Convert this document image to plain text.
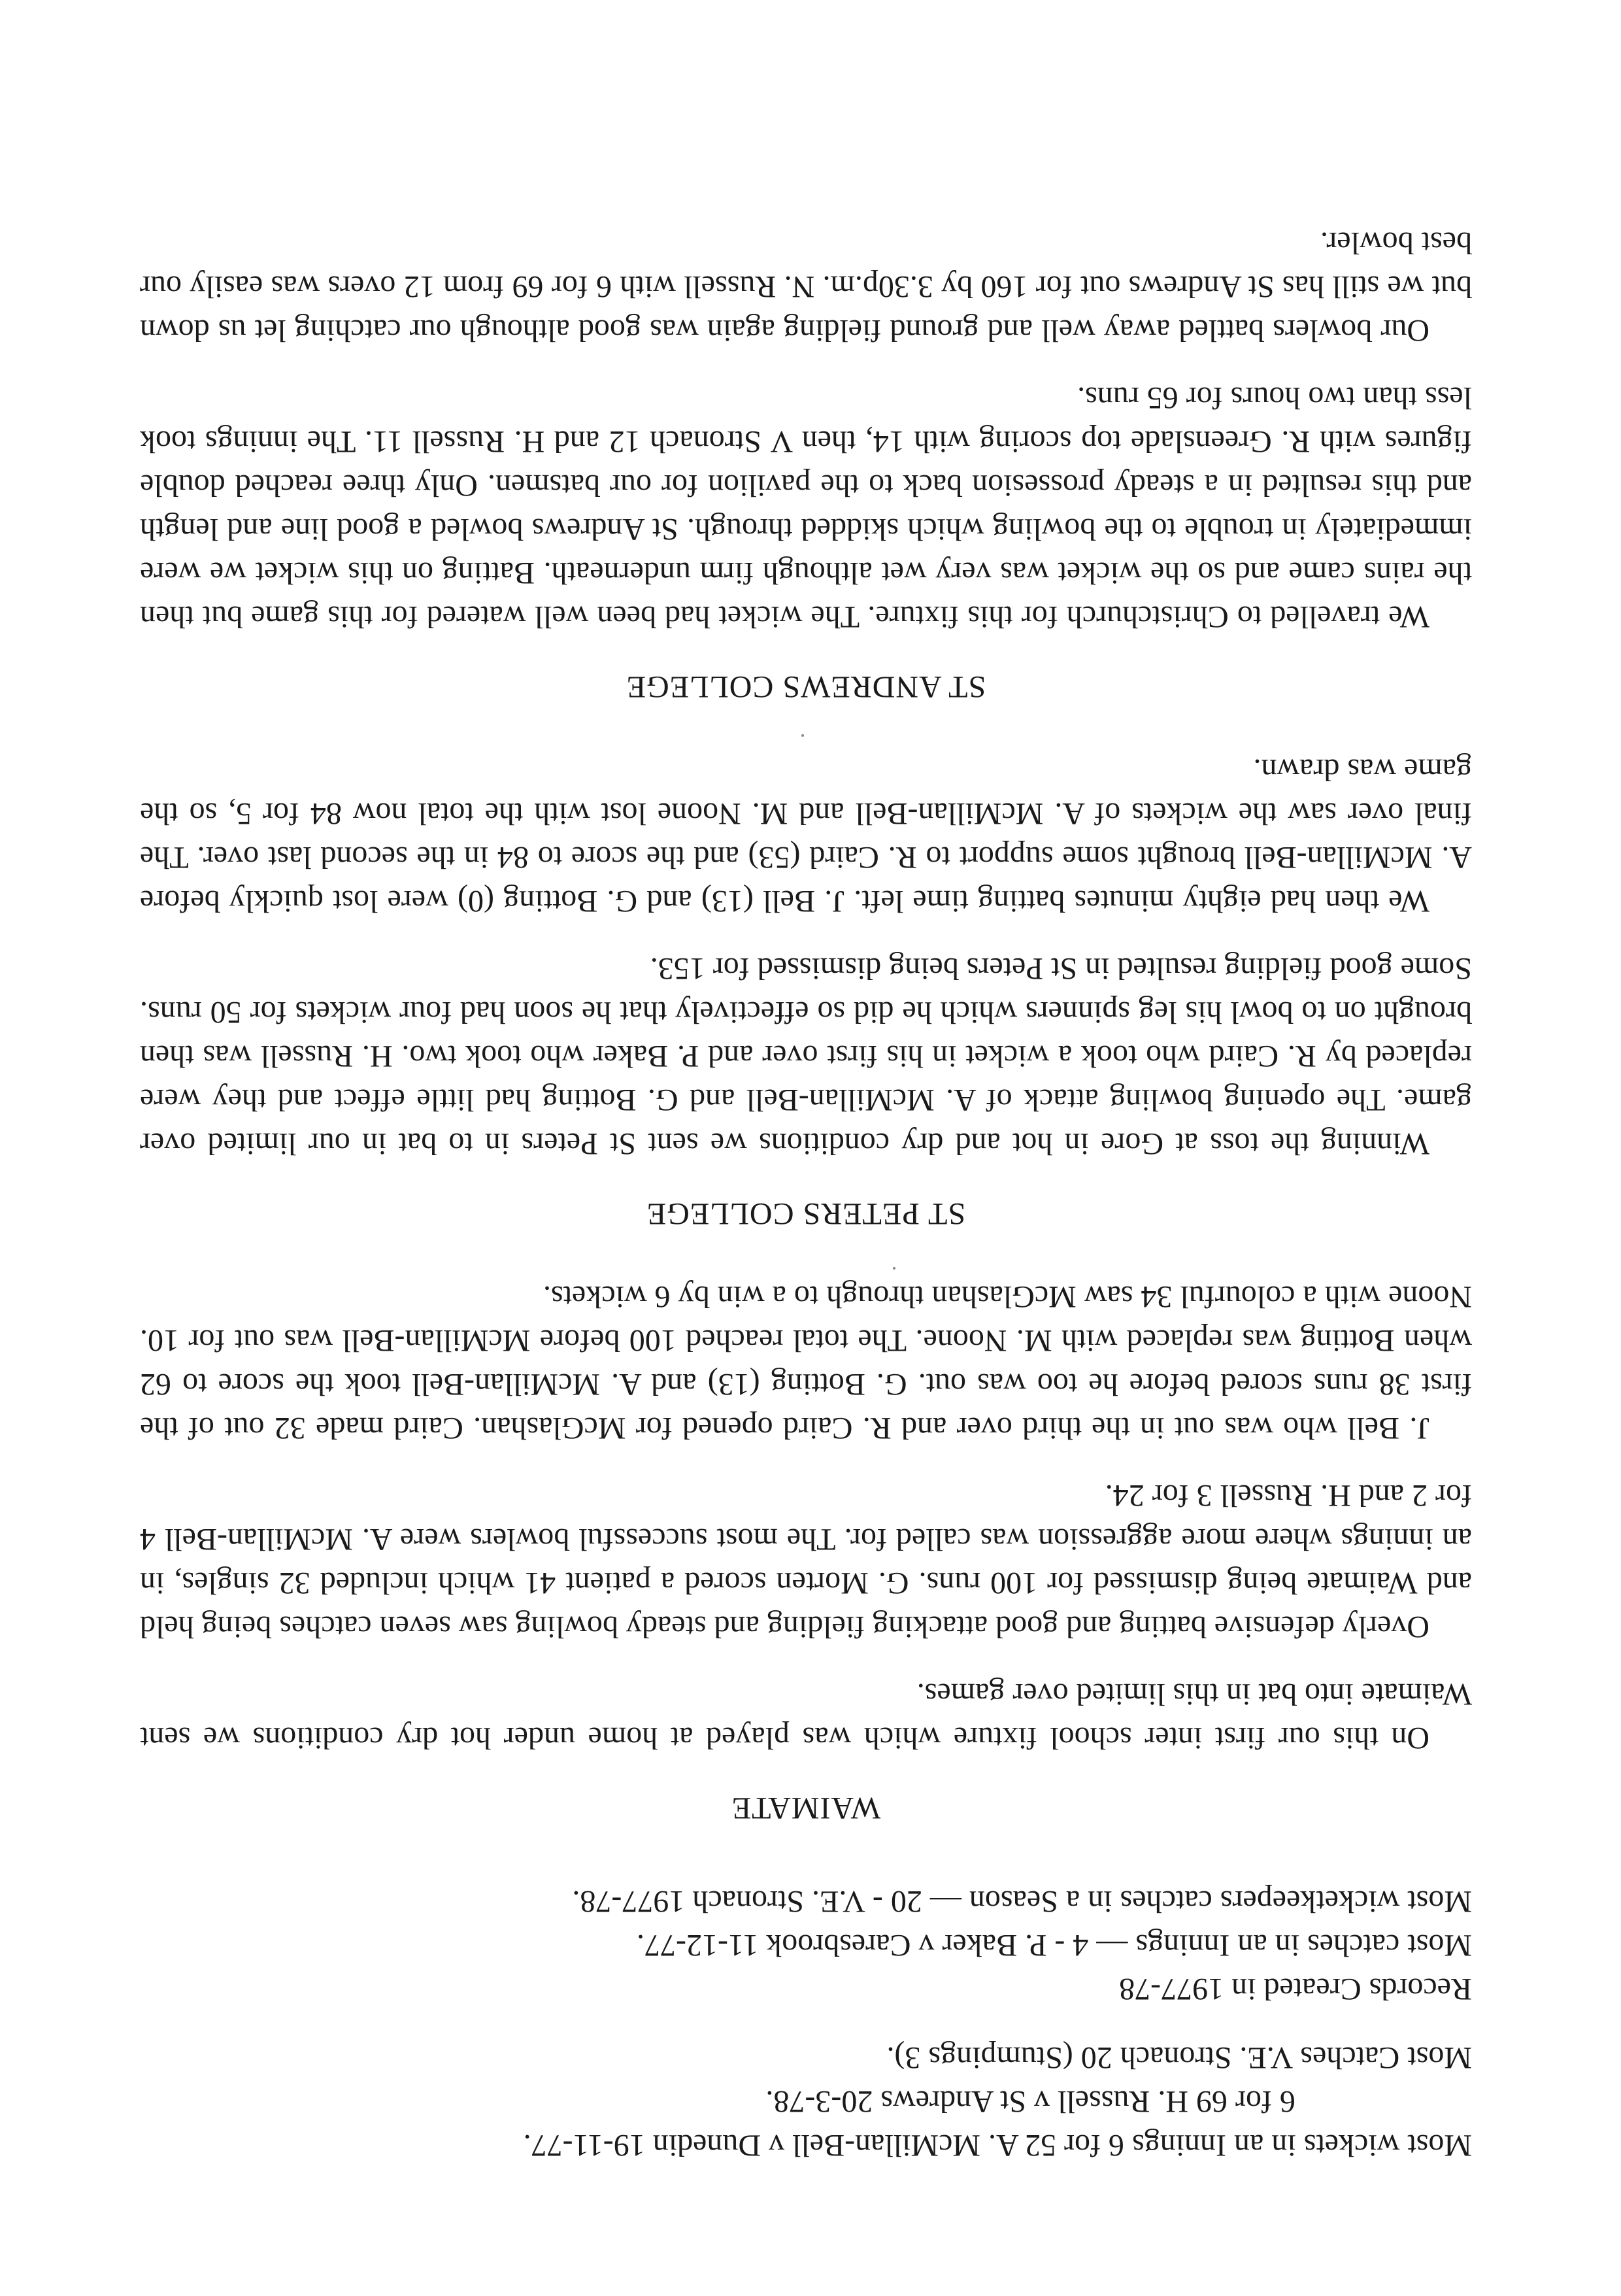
Most wickets in an Innings 6 for 52 A. McMillan-Bell v Dunedin 19-11-77.
6 for 69 H. Russell v St Andrews 20-3-78.
Most Catches V.E. Stronach 20 (Stumpings 3).
Records Created in 1977-78
Most catches in an Innings — 4 - P. Baker v Caresbrook 11-12-77.
Most wicketkeepers catches in a Season — 20 - V.E. Stronach 1977-78.
WAIMATE

On this our first inter school fixture which was played at home under hot dry conditions we sent Waimate into bat in this limited over games.

Overly defensive batting and good attacking fielding and steady bowling saw seven catches being held and Waimate being dismissed for 100 runs. G. Morten scored a patient 41 which included 32 singles, in an innings where more aggression was called for. The most successful bowlers were A. McMillan-Bell 4 for 2 and H. Russell 3 for 24.

J. Bell who was out in the third over and R. Caird opened for McGlashan. Caird made 32 out of the first 38 runs scored before he too was out. G. Botting (13) and A. McMillan-Bell took the score to 62 when Botting was replaced with M. Noone. The total reached 100 before McMillan-Bell was out for 10. Noone with a colourful 34 saw McGlashan through to a win by 6 wickets.

ST PETERS COLLEGE

Winning the toss at Gore in hot and dry conditions we sent St Peters in to bat in our limited over game. The opening bowling attack of A. McMillan-Bell and G. Botting had little effect and they were replaced by R. Caird who took a wicket in his first over and P. Baker who took two. H. Russell was then brought on to bowl his leg spinners which he did so effectively that he soon had four wickets for 50 runs. Some good fielding resulted in St Peters being dismissed for 153.

We then had eighty minutes batting time left. J. Bell (13) and G. Botting (0) were lost quickly before A. McMillan-Bell brought some support to R. Caird (53) and the score to 84 in the second last over. The final over saw the wickets of A. McMillan-Bell and M. Noone lost with the total now 84 for 5, so the game was drawn.

ST ANDREWS COLLEGE

We travelled to Christchurch for this fixture. The wicket had been well watered for this game but then the rains came and so the wicket was very wet although firm underneath. Batting on this wicket we were immediately in trouble to the bowling which skidded through. St Andrews bowled a good line and length and this resulted in a steady prossesion back to the pavilion for our batsmen. Only three reached double figures with R. Greenslade top scoring with 14, then V Stronach 12 and H. Russell 11. The innings took less than two hours for 65 runs.

Our bowlers battled away well and ground fielding again was good although our catching let us down but we still has St Andrews out for 160 by 3.30p.m. N. Russell with 6 for 69 from 12 overs was easily our best bowler.
